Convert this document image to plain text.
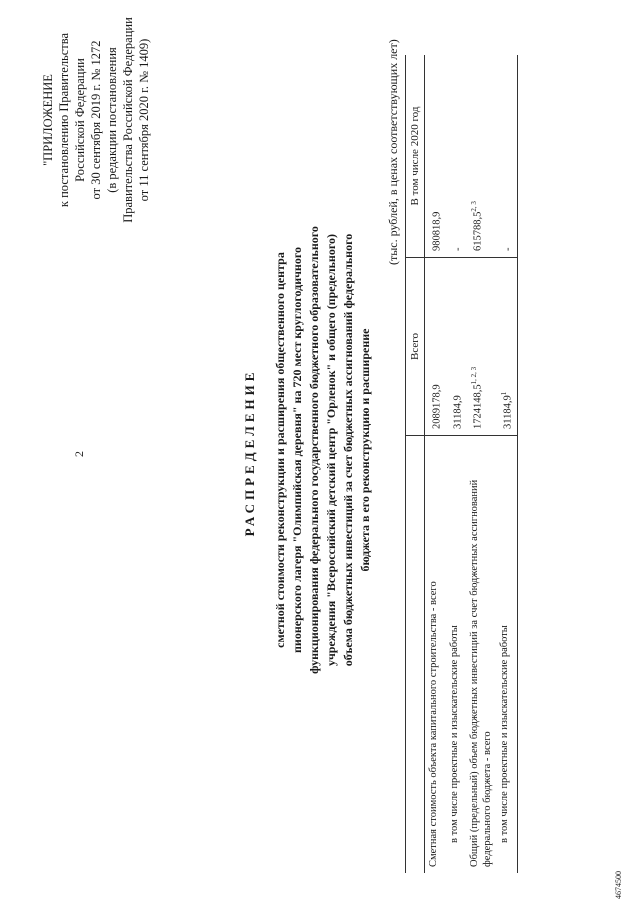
2
"ПРИЛОЖЕНИЕ к постановлению Правительства Российской Федерации от 30 сентября 2019 г. № 1272 (в редакции постановления Правительства Российской Федерации от 11 сентября 2020 г. № 1409)
РАСПРЕДЕЛЕНИЕ сметной стоимости реконструкции и расширения общественного центра пионерского лагеря "Олимпийская деревня" на 720 мест круглогодичного функционирования федерального государственного бюджетного образовательного учреждения "Всероссийский детский центр "Орленок" и общего (предельного) объема бюджетных инвестиций за счет бюджетных ассигнований федерального бюджета в его реконструкцию и расширение
(тыс. рублей, в ценах соответствующих лет)
	Всего	В том числе 2020 год
Сметная стоимость объекта капитального строительства - всего	2089178,9	980818,9
в том числе проектные и изыскательские работы	31184,9	-
Общий (предельный) объем бюджетных инвестиций за счет бюджетных ассигнований федерального бюджета - всего	1724148,5$^{1, 2, 3}$	615788,5$^{2, 3}$
в том числе проектные и изыскательские работы	31184,9$^1$	-
4674500
